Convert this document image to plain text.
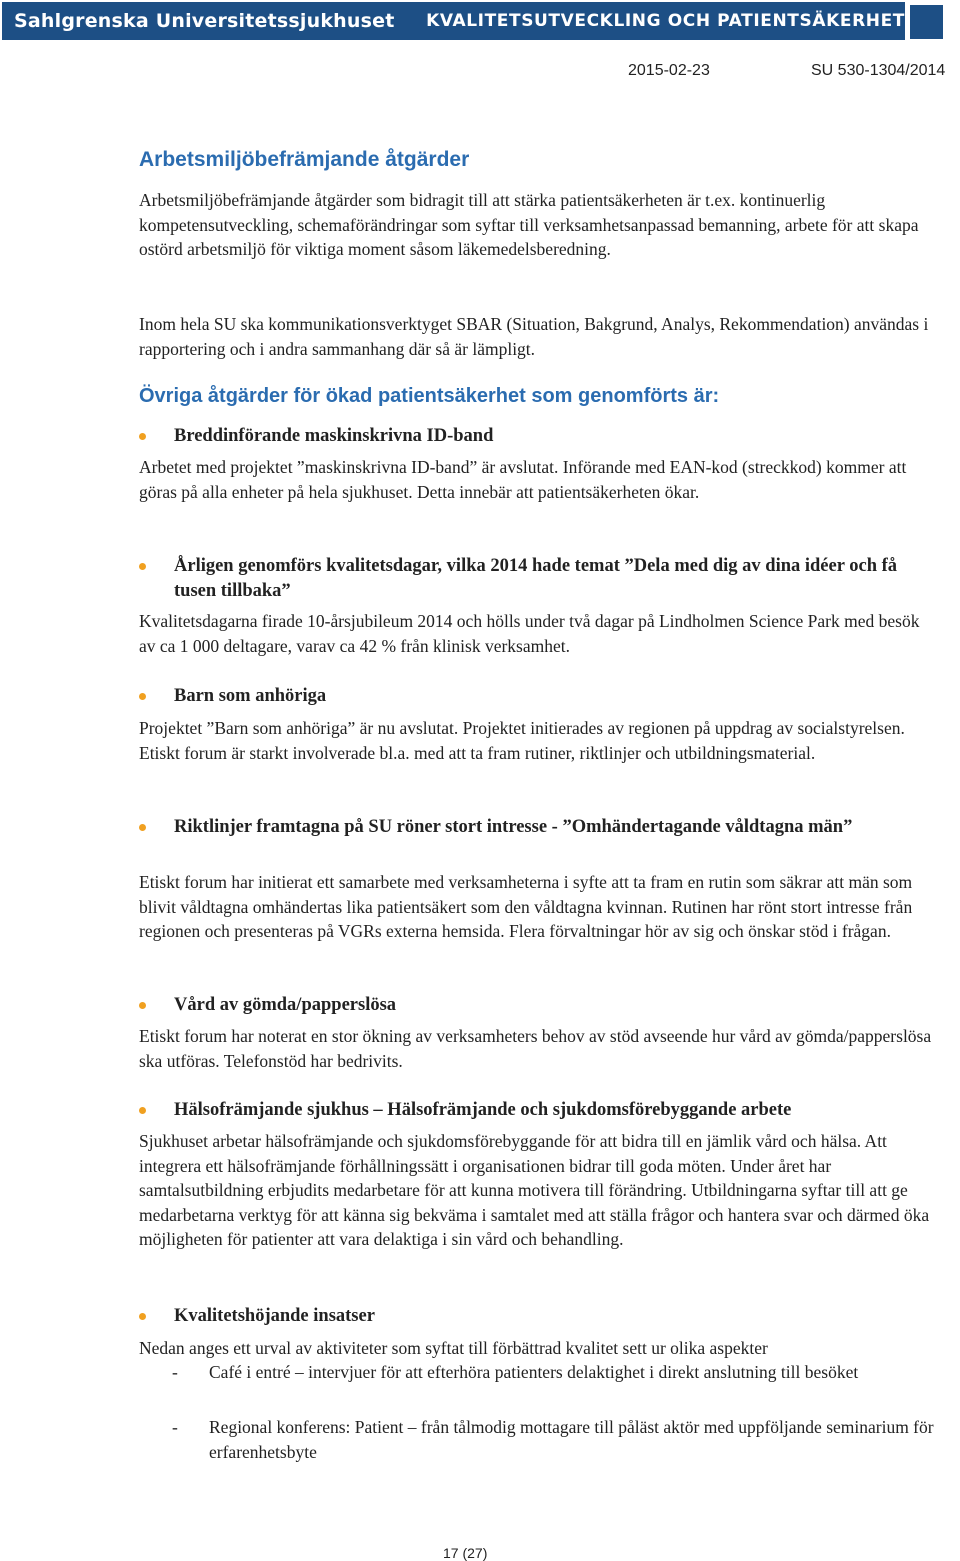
Sahlgrenska Universitetssjukhuset	KVALITETSUTVECKLING OCH PATIENTSÄKERHET
2015-02-23	SU 530-1304/2014
Arbetsmiljöbefrämjande åtgärder

Arbetsmiljöbefrämjande åtgärder som bidragit till att stärka patientsäkerheten är t.ex. kontinuerlig kompetensutveckling, schemaförändringar som syftar till verksamhetsanpassad bemanning, arbete för att skapa ostörd arbetsmiljö för viktiga moment såsom läkemedelsberedning.

Inom hela SU ska kommunikationsverktyget SBAR (Situation, Bakgrund, Analys, Rekommendation) användas i rapportering och i andra sammanhang där så är lämpligt.

Övriga åtgärder för ökad patientsäkerhet som genomförts är:
Breddinförande maskinskrivna ID-band

Arbetet med projektet ”maskinskrivna ID-band” är avslutat. Införande med EAN-kod (streckkod) kommer att göras på alla enheter på hela sjukhuset. Detta innebär att patientsäkerheten ökar.

Årligen genomförs kvalitetsdagar, vilka 2014 hade temat ”Dela med dig av dina idéer och få tusen tillbaka”

Kvalitetsdagarna firade 10-årsjubileum 2014 och hölls under två dagar på Lindholmen Science Park med besök av ca 1 000 deltagare, varav ca 42 % från klinisk verksamhet.

Barn som anhöriga

Projektet ”Barn som anhöriga” är nu avslutat. Projektet initierades av regionen på uppdrag av socialstyrelsen. Etiskt forum är starkt involverade bl.a. med att ta fram rutiner, riktlinjer och utbildningsmaterial.

Riktlinjer framtagna på SU röner stort intresse - ”Omhändertagande våldtagna män”

Etiskt forum har initierat ett samarbete med verksamheterna i syfte att ta fram en rutin som säkrar att män som blivit våldtagna omhändertas lika patientsäkert som den våldtagna kvinnan. Rutinen har rönt stort intresse från regionen och presenteras på VGRs externa hemsida. Flera förvaltningar hör av sig och önskar stöd i frågan.

Vård av gömda/papperslösa

Etiskt forum har noterat en stor ökning av verksamheters behov av stöd avseende hur vård av gömda/papperslösa ska utföras. Telefonstöd har bedrivits.

Hälsofrämjande sjukhus – Hälsofrämjande och sjukdomsförebyggande arbete

Sjukhuset arbetar hälsofrämjande och sjukdomsförebyggande för att bidra till en jämlik vård och hälsa. Att integrera ett hälsofrämjande förhållningssätt i organisationen bidrar till goda möten. Under året har samtalsutbildning erbjudits medarbetare för att kunna motivera till förändring. Utbildningarna syftar till att ge medarbetarna verktyg för att känna sig bekväma i samtalet med att ställa frågor och hantera svar och därmed öka möjligheten för patienter att vara delaktiga i sin vård och behandling.

Kvalitetshöjande insatser

Nedan anges ett urval av aktiviteter som syftat till förbättrad kvalitet sett ur olika aspekter

- Café i entré – intervjuer för att efterhöra patienters delaktighet i direkt anslutning till besöket
- Regional konferens: Patient – från tålmodig mottagare till påläst aktör med uppföljande seminarium för erfarenhetsbyte
17 (27)
